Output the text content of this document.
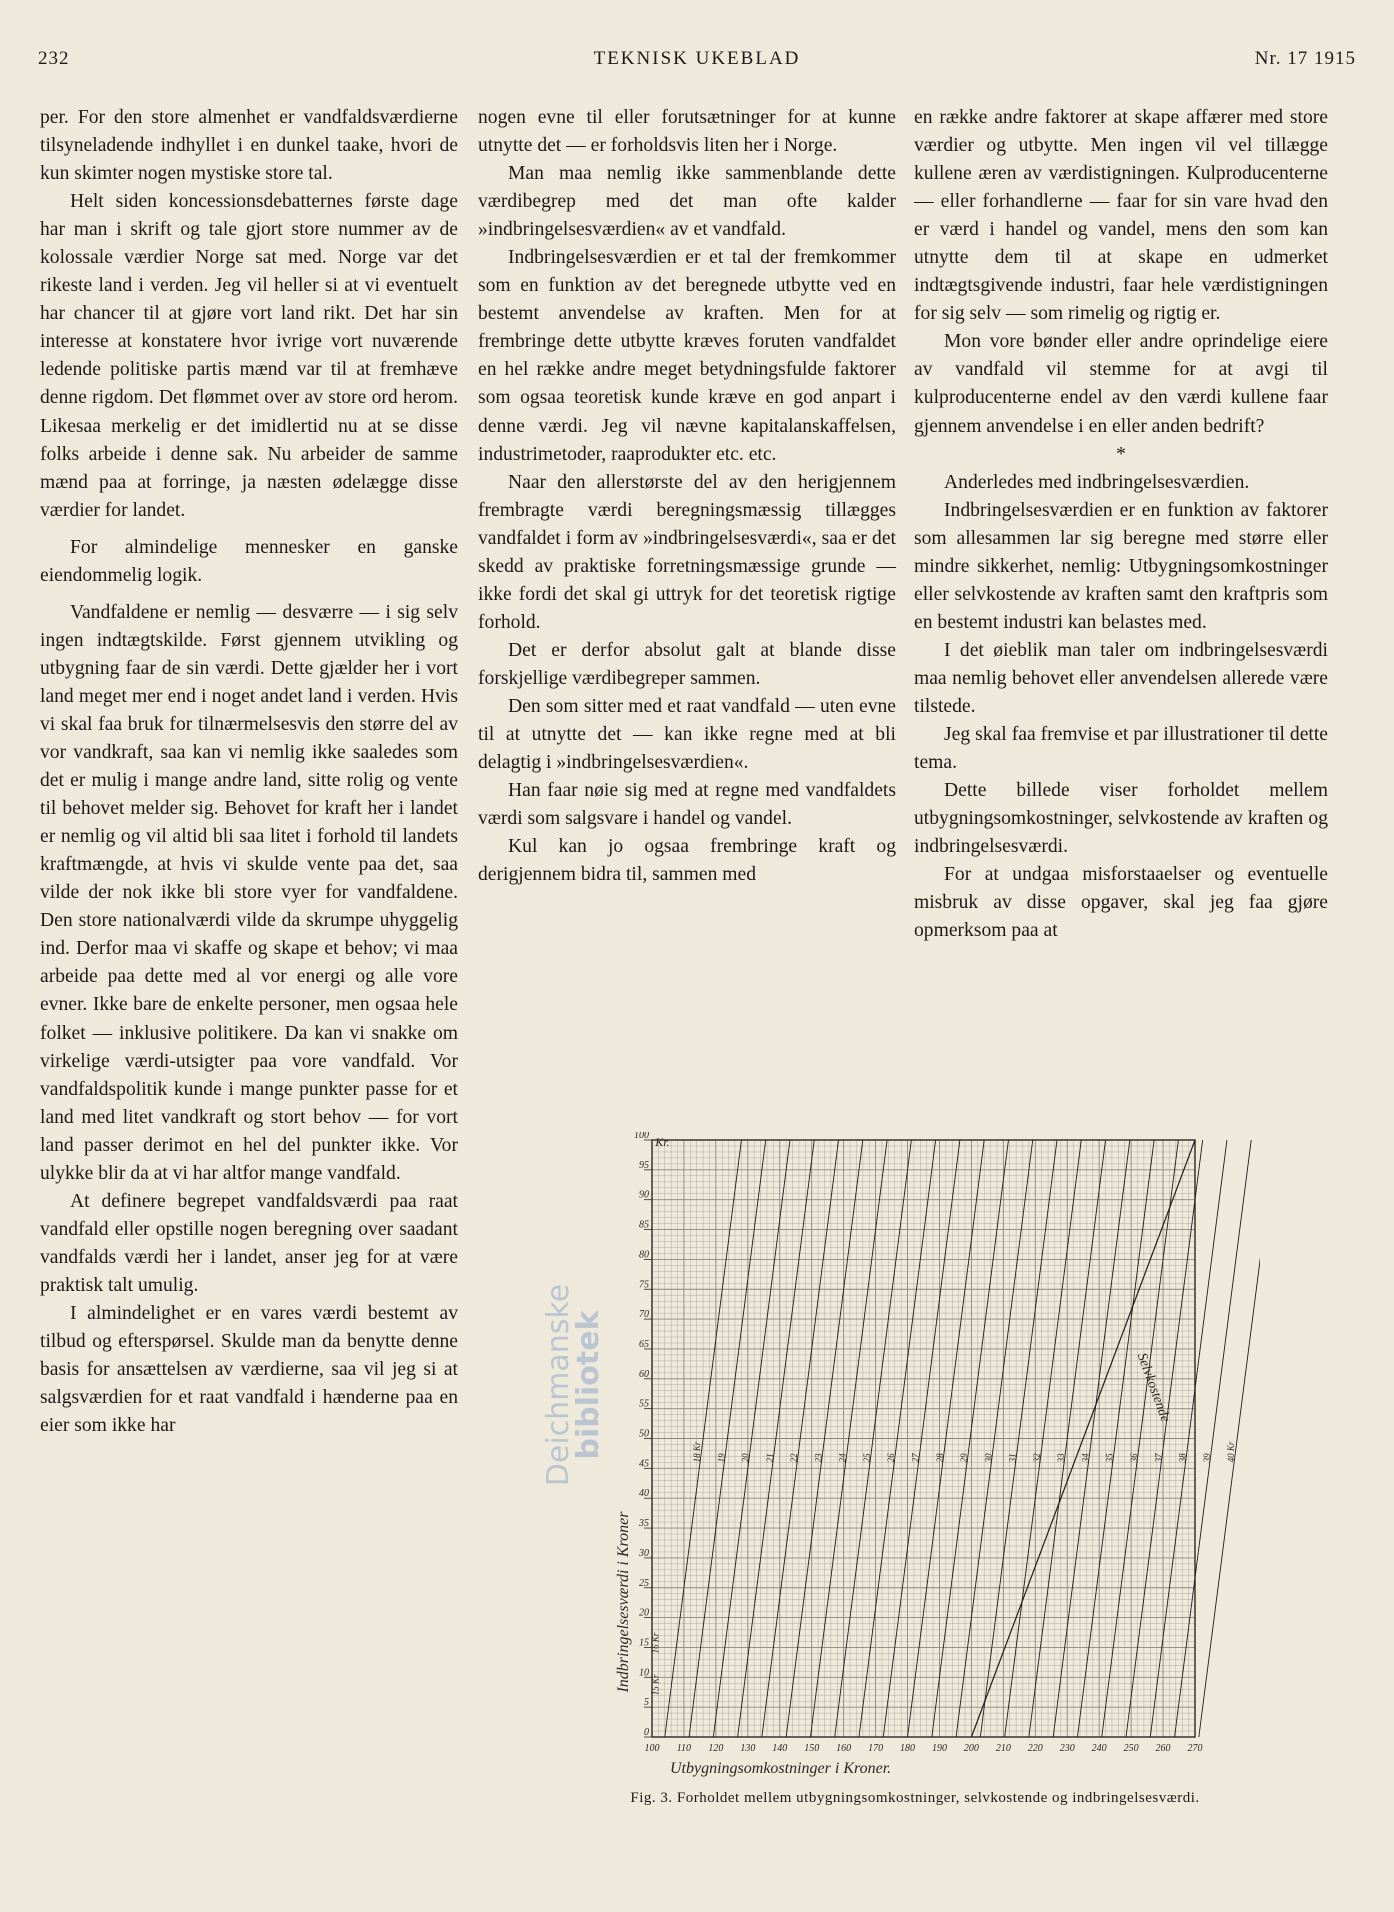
232	TEKNISK UKEBLAD	Nr. 17 1915

per. For den store almenhet er vandfaldsværdierne tilsyneladende indhyllet i en dunkel taake, hvori de kun skimter nogen mystiske store tal.

Helt siden koncessionsdebatternes første dage har man i skrift og tale gjort store nummer av de kolossale værdier Norge sat med. Norge var det rikeste land i verden. Jeg vil heller si at vi eventuelt har chancer til at gjøre vort land rikt. Det har sin interesse at konstatere hvor ivrige vort nuværende ledende politiske partis mænd var til at fremhæve denne rigdom. Det flømmet over av store ord herom. Likesaa merkelig er det imidlertid nu at se disse folks arbeide i denne sak. Nu arbeider de samme mænd paa at forringe, ja næsten ødelægge disse værdier for landet.

For almindelige mennesker en ganske eiendommelig logik.

Vandfaldene er nemlig — desværre — i sig selv ingen indtægtskilde. Først gjennem utvikling og utbygning faar de sin værdi. Dette gjælder her i vort land meget mer end i noget andet land i verden. Hvis vi skal faa bruk for tilnærmelsesvis den større del av vor vandkraft, saa kan vi nemlig ikke saaledes som det er mulig i mange andre land, sitte rolig og vente til behovet melder sig. Behovet for kraft her i landet er nemlig og vil altid bli saa litet i forhold til landets kraftmængde, at hvis vi skulde vente paa det, saa vilde der nok ikke bli store vyer for vandfaldene. Den store nationalværdi vilde da skrumpe uhyggelig ind. Derfor maa vi skaffe og skape et behov; vi maa arbeide paa dette med al vor energi og alle vore evner. Ikke bare de enkelte personer, men ogsaa hele folket — inklusive politikere. Da kan vi snakke om virkelige værdi-utsigter paa vore vandfald. Vor vandfaldspolitik kunde i mange punkter passe for et land med litet vandkraft og stort behov — for vort land passer derimot en hel del punkter ikke. Vor ulykke blir da at vi har altfor mange vandfald.

At definere begrepet vandfaldsværdi paa raat vandfald eller opstille nogen beregning over saadant vandfalds værdi her i landet, anser jeg for at være praktisk talt umulig.

I almindelighet er en vares værdi bestemt av tilbud og efterspørsel. Skulde man da benytte denne basis for ansættelsen av værdierne, saa vil jeg si at salgsværdien for et raat vandfald i hænderne paa en eier som ikke har

nogen evne til eller forutsætninger for at kunne utnytte det — er forholdsvis liten her i Norge.

Man maa nemlig ikke sammenblande dette værdibegrep med det man ofte kalder »indbringelsesværdien« av et vandfald.

Indbringelsesværdien er et tal der fremkommer som en funktion av det beregnede utbytte ved en bestemt anvendelse av kraften. Men for at frembringe dette utbytte kræves foruten vandfaldet en hel række andre meget betydningsfulde faktorer som ogsaa teoretisk kunde kræve en god anpart i denne værdi. Jeg vil nævne kapitalanskaffelsen, industrimetoder, raaprodukter etc. etc.

Naar den allerstørste del av den herigjennem frembragte værdi beregningsmæssig tillægges vandfaldet i form av »indbringelsesværdi«, saa er det skedd av praktiske forretningsmæssige grunde — ikke fordi det skal gi uttryk for det teoretisk rigtige forhold.

Det er derfor absolut galt at blande disse forskjellige værdibegreper sammen.

Den som sitter med et raat vandfald — uten evne til at utnytte det — kan ikke regne med at bli delagtig i »indbringelsesværdien«.

Han faar nøie sig med at regne med vandfaldets værdi som salgsvare i handel og vandel.

Kul kan jo ogsaa frembringe kraft og derigjennem bidra til, sammen med

en række andre faktorer at skape affærer med store værdier og utbytte. Men ingen vil vel tillægge kullene æren av værdistigningen. Kulproducenterne — eller forhandlerne — faar for sin vare hvad den er værd i handel og vandel, mens den som kan utnytte dem til at skape en udmerket indtægtsgivende industri, faar hele værdistigningen for sig selv — som rimelig og rigtig er.

Mon vore bønder eller andre oprindelige eiere av vandfald vil stemme for at avgi til kulproducenterne endel av den værdi kullene faar gjennem anvendelse i en eller anden bedrift?

*

Anderledes med indbringelsesværdien.

Indbringelsesværdien er en funktion av faktorer som allesammen lar sig beregne med større eller mindre sikkerhet, nemlig: Utbygningsomkostninger eller selvkostende av kraften samt den kraftpris som en bestemt industri kan belastes med.

I det øieblik man taler om indbringelsesværdi maa nemlig behovet eller anvendelsen allerede være tilstede.

Jeg skal faa fremvise et par illustrationer til dette tema.

Dette billede viser forholdet mellem utbygningsomkostninger, selvkostende av kraften og indbringelsesværdi.

For at undgaa misforstaaelser og eventuelle misbruk av disse opgaver, skal jeg faa gjøre opmerksom paa at

Deichmanske
bibliotek	18 Kr 19 20 21 22 23 24 25 26 27 28 29 30 31 32 33 34 35 36 37 38 39 40 Kr
16 Kr
15 Kr
0
5
10
15
20
25
30
35
40
45
50
55
60
65
70
75
80
85
90
95
100
100 110 120 130 140 150 160 170 180 190 200 210 220 230 240 250 260 270
Indbringelsesværdi i Kroner
Utbygningsomkostninger i Kroner.
Selvkostende
Kr.
Fig. 3. Forholdet mellem utbygningsomkostninger, selvkostende og indbringelsesværdi.
